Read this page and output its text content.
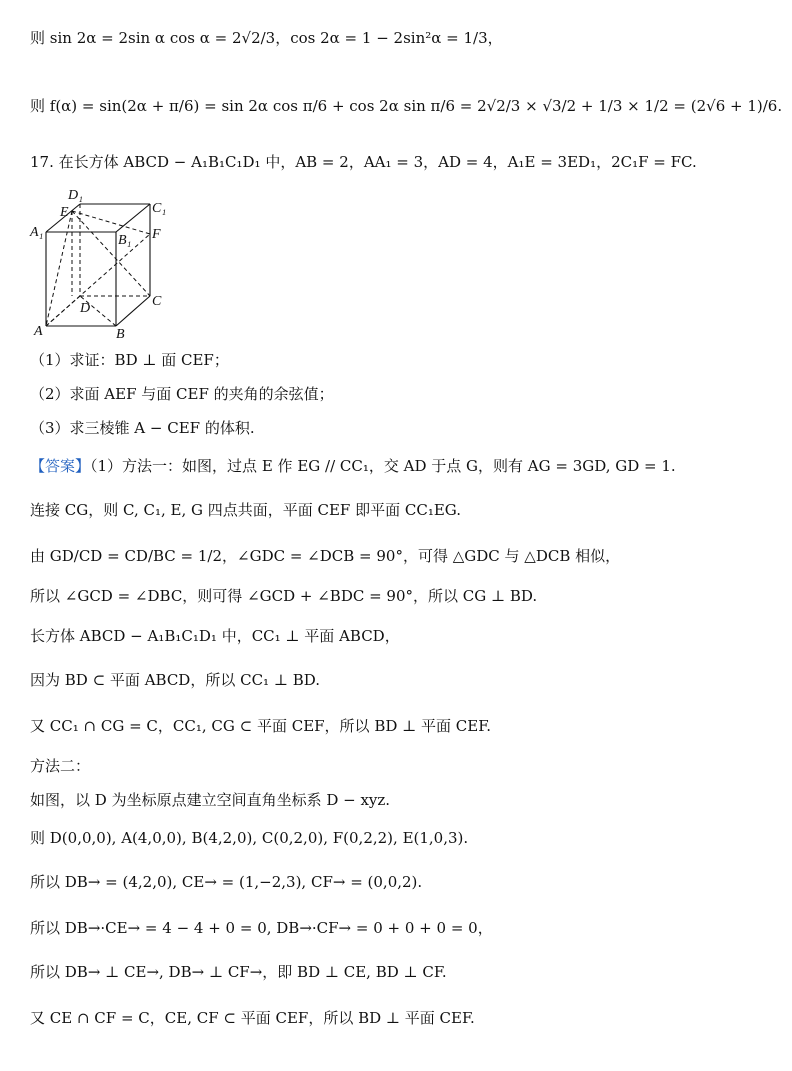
则 sin 2α = 2sin α cos α = 2√2/3，cos 2α = 1 − 2sin²α = 1/3，
则 f(α) = sin(2α + π/6) = sin 2α cos π/6 + cos 2α sin π/6 = 2√2/3 × √3/2 + 1/3 × 1/2 = (2√6 + 1)/6.
17. 在长方体 ABCD − A₁B₁C₁D₁ 中，AB = 2，AA₁ = 3，AD = 4，A₁E = 3ED₁，2C₁F = FC.
D₁
E	C₁
A₁
B₁ F
D	C
A	B
（1）求证：BD ⊥ 面 CEF；
（2）求面 AEF 与面 CEF 的夹角的余弦值；
（3）求三棱锥 A − CEF 的体积.
【答案】（1）方法一：如图，过点 E 作 EG // CC₁，交 AD 于点 G，则有 AG = 3GD, GD = 1.
连接 CG，则 C, C₁, E, G 四点共面，平面 CEF 即平面 CC₁EG.
由 GD/CD = CD/BC = 1/2，∠GDC = ∠DCB = 90°，可得 △GDC 与 △DCB 相似，
所以 ∠GCD = ∠DBC，则可得 ∠GCD + ∠BDC = 90°，所以 CG ⊥ BD.
长方体 ABCD − A₁B₁C₁D₁ 中，CC₁ ⊥ 平面 ABCD，
因为 BD ⊂ 平面 ABCD，所以 CC₁ ⊥ BD.
又 CC₁ ∩ CG = C，CC₁, CG ⊂ 平面 CEF，所以 BD ⊥ 平面 CEF.
方法二：
如图，以 D 为坐标原点建立空间直角坐标系 D − xyz.
则 D(0,0,0), A(4,0,0), B(4,2,0), C(0,2,0), F(0,2,2), E(1,0,3).
所以 DB→ = (4,2,0), CE→ = (1,−2,3), CF→ = (0,0,2).
所以 DB→·CE→ = 4 − 4 + 0 = 0, DB→·CF→ = 0 + 0 + 0 = 0，
所以 DB→ ⊥ CE→, DB→ ⊥ CF→，即 BD ⊥ CE, BD ⊥ CF.
又 CE ∩ CF = C，CE, CF ⊂ 平面 CEF，所以 BD ⊥ 平面 CEF.
